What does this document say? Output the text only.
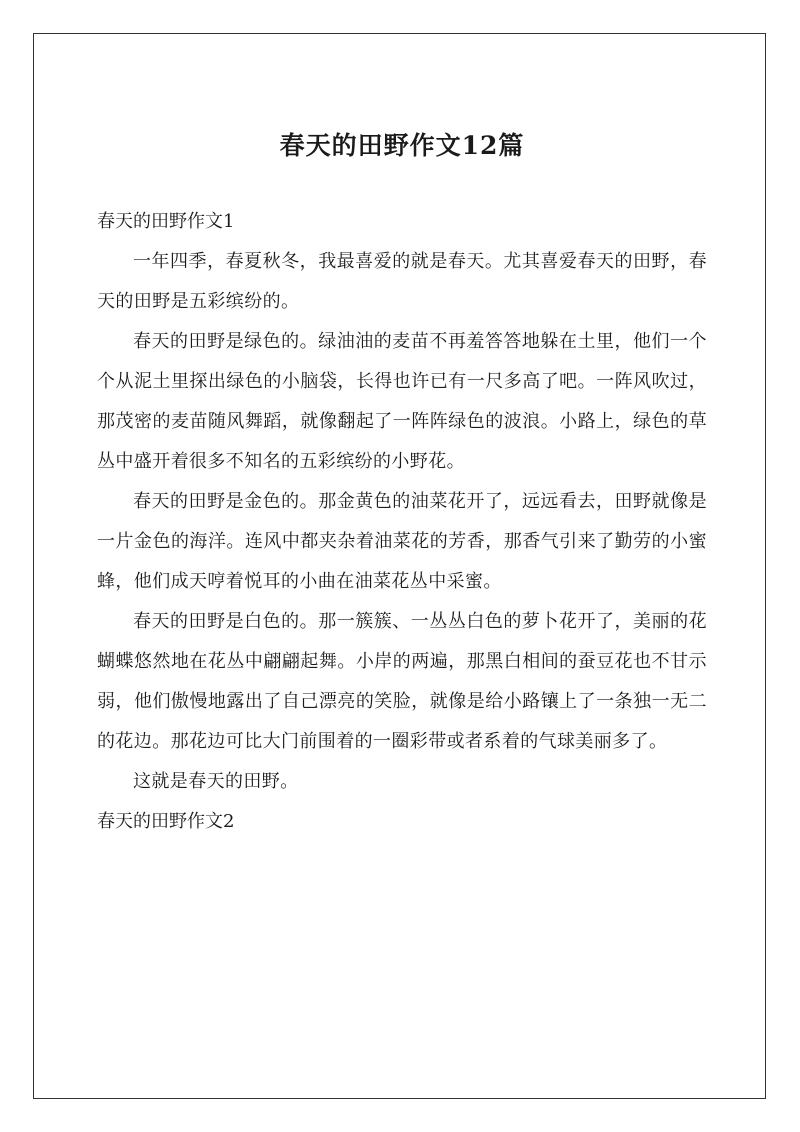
春天的田野作文12篇

春天的田野作文1

一年四季，春夏秋冬，我最喜爱的就是春天。尤其喜爱春天的田野，春天的田野是五彩缤纷的。

春天的田野是绿色的。绿油油的麦苗不再羞答答地躲在土里，他们一个个从泥土里探出绿色的小脑袋，长得也许已有一尺多高了吧。一阵风吹过，那茂密的麦苗随风舞蹈，就像翻起了一阵阵绿色的波浪。小路上，绿色的草丛中盛开着很多不知名的五彩缤纷的小野花。

春天的田野是金色的。那金黄色的油菜花开了，远远看去，田野就像是一片金色的海洋。连风中都夹杂着油菜花的芳香，那香气引来了勤劳的小蜜蜂，他们成天哼着悦耳的小曲在油菜花丛中采蜜。

春天的田野是白色的。那一簇簇、一丛丛白色的萝卜花开了，美丽的花蝴蝶悠然地在花丛中翩翩起舞。小岸的两遍，那黑白相间的蚕豆花也不甘示弱，他们傲慢地露出了自己漂亮的笑脸，就像是给小路镶上了一条独一无二的花边。那花边可比大门前围着的一圈彩带或者系着的气球美丽多了。

这就是春天的田野。

春天的田野作文2
